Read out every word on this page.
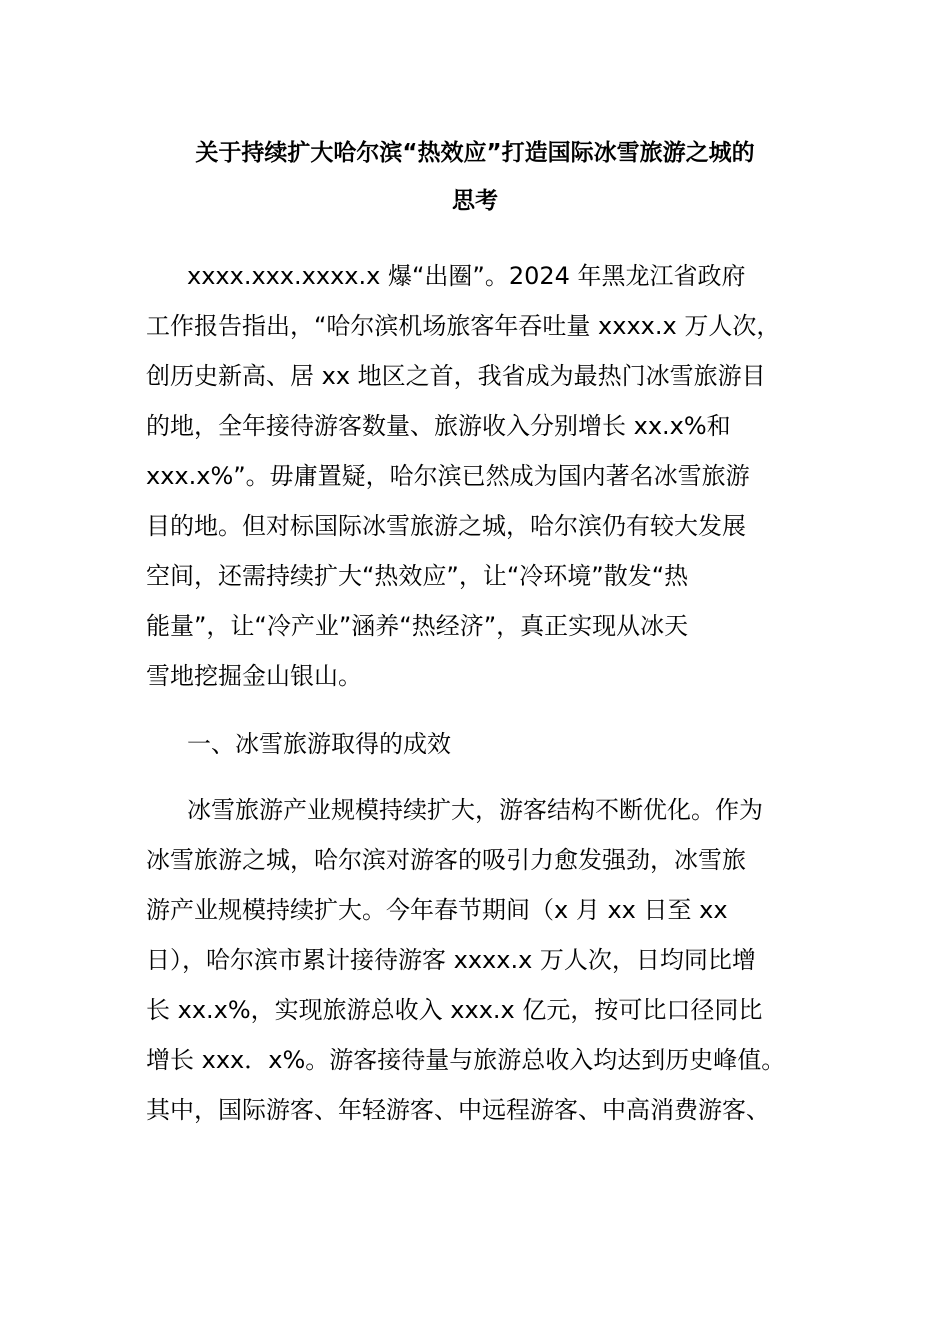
关于持续扩大哈尔滨“热效应”打造国际冰雪旅游之城的
思考
xxxx.xxx.xxxx.x 爆“出圈”。2024 年黑龙江省政府
工作报告指出，“哈尔滨机场旅客年吞吐量 xxxx.x 万人次，
创历史新高、居 xx 地区之首，我省成为最热门冰雪旅游目
的地，全年接待游客数量、旅游收入分别增长 xx.x%和
xxx.x%”。毋庸置疑，哈尔滨已然成为国内著名冰雪旅游
目的地。但对标国际冰雪旅游之城，哈尔滨仍有较大发展
空间，还需持续扩大“热效应”，让“冷环境”散发“热
能量”，让“冷产业”涵养“热经济”，真正实现从冰天
雪地挖掘金山银山。
一、冰雪旅游取得的成效
冰雪旅游产业规模持续扩大，游客结构不断优化。作为
冰雪旅游之城，哈尔滨对游客的吸引力愈发强劲，冰雪旅
游产业规模持续扩大。今年春节期间（x 月 xx 日至 xx
日），哈尔滨市累计接待游客 xxxx.x 万人次，日均同比增
长 xx.x%，实现旅游总收入 xxx.x 亿元，按可比口径同比
增长 xxx．x%。游客接待量与旅游总收入均达到历史峰值。
其中，国际游客、年轻游客、中远程游客、中高消费游客、
